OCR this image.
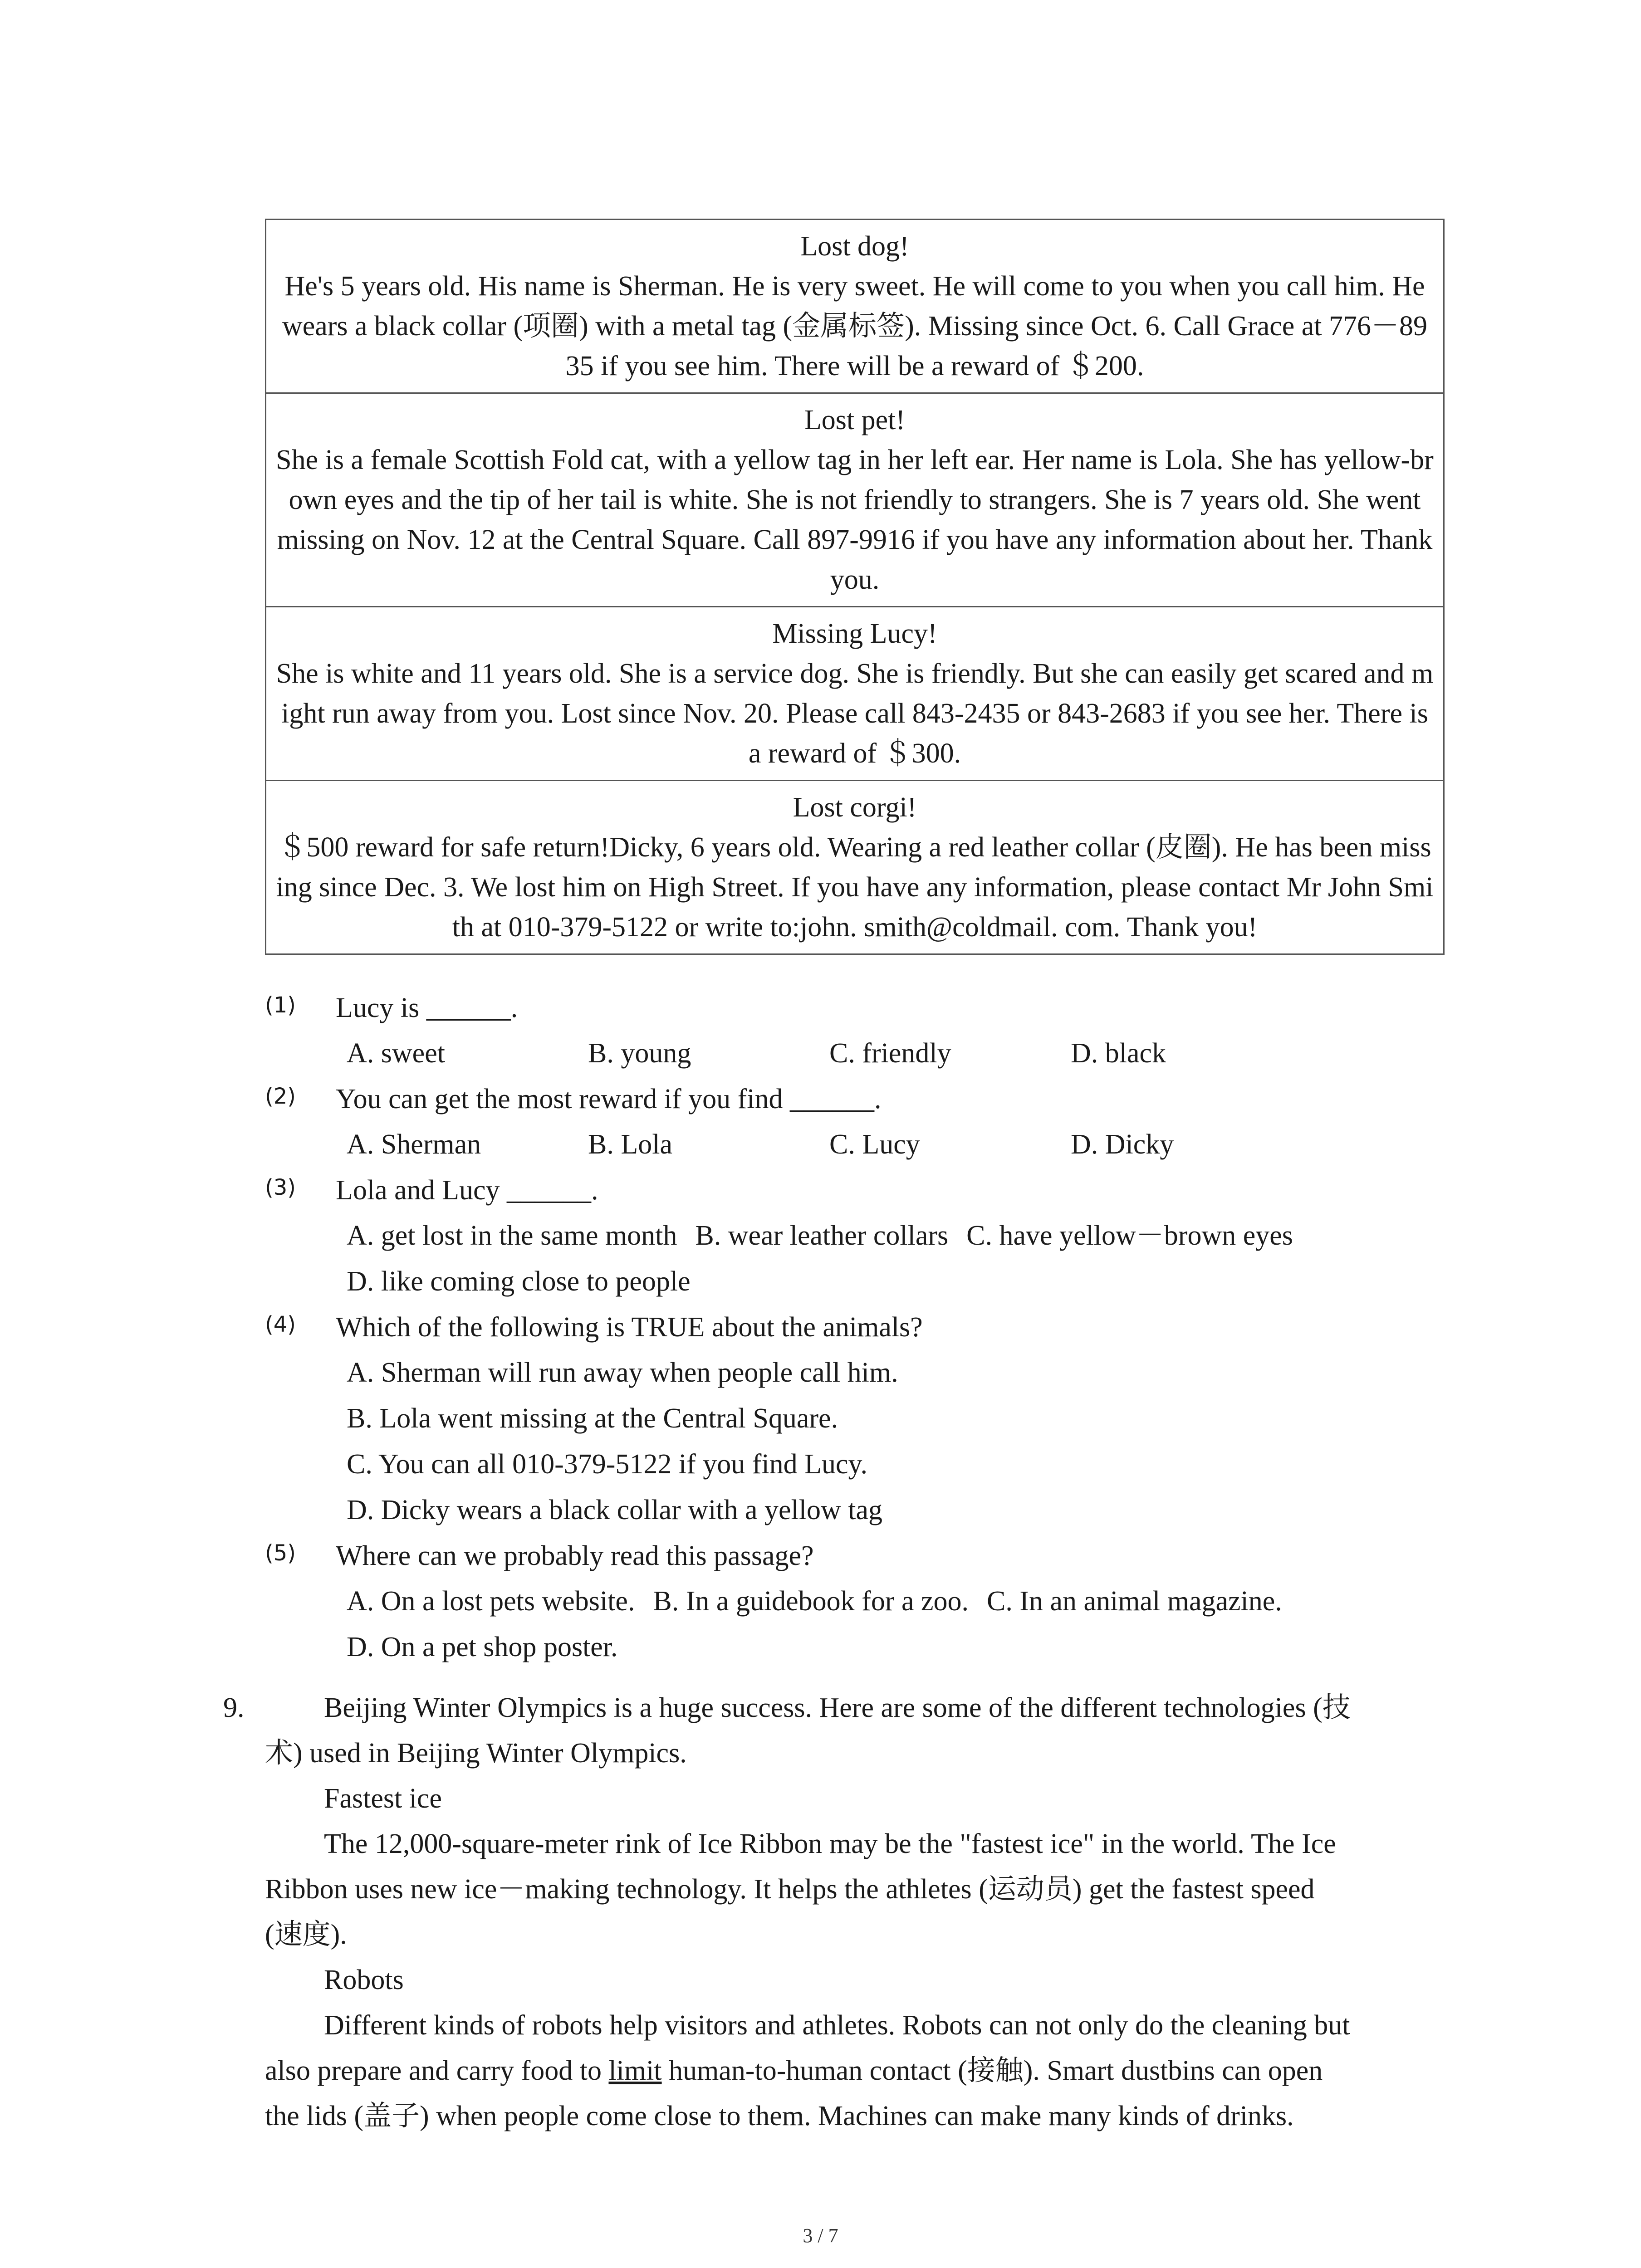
Lost dog!
He's 5 years old. His name is Sherman. He is very sweet. He will come to you when you call him. He wears a black collar (项圈) with a metal tag (金属标签). Missing since Oct. 6. Call Grace at 776－8935 if you see him. There will be a reward of ＄200.
Lost pet!
She is a female Scottish Fold cat, with a yellow tag in her left ear. Her name is Lola. She has yellow-brown eyes and the tip of her tail is white. She is not friendly to strangers. She is 7 years old. She went missing on Nov. 12 at the Central Square. Call 897-9916 if you have any information about her. Thank you.
Missing Lucy!
She is white and 11 years old. She is a service dog. She is friendly. But she can easily get scared and might run away from you. Lost since Nov. 20. Please call 843-2435 or 843-2683 if you see her. There is a reward of ＄300.
Lost corgi!
＄500 reward for safe return!Dicky, 6 years old. Wearing a red leather collar (皮圈). He has been missing since Dec. 3. We lost him on High Street. If you have any information, please contact Mr John Smith at 010-379-5122 or write to:john. smith@coldmail. com. Thank you!
(1) Lucy is ______.
A. sweet	B. young	C. friendly	D. black
(2) You can get the most reward if you find ______.
A. Sherman	B. Lola	C. Lucy	D. Dicky
(3) Lola and Lucy ______.
A. get lost in the same month B. wear leather collars C. have yellow－brown eyes
D. like coming close to people
(4) Which of the following is TRUE about the animals?
A. Sherman will run away when people call him.
B. Lola went missing at the Central Square.
C. You can all 010-379-5122 if you find Lucy.
D. Dicky wears a black collar with a yellow tag
(5) Where can we probably read this passage?
A. On a lost pets website. B. In a guidebook for a zoo. C. In an animal magazine.
D. On a pet shop poster.
9.	Beijing Winter Olympics is a huge success. Here are some of the different technologies (技
术) used in Beijing Winter Olympics.
Fastest ice
The 12,000-square-meter rink of Ice Ribbon may be the "fastest ice" in the world. The Ice
Ribbon uses new ice－making technology. It helps the athletes (运动员) get the fastest speed
(速度).
Robots
Different kinds of robots help visitors and athletes. Robots can not only do the cleaning but
also prepare and carry food to limit human-to-human contact (接触). Smart dustbins can open
the lids (盖子) when people come close to them. Machines can make many kinds of drinks.
3 / 7
